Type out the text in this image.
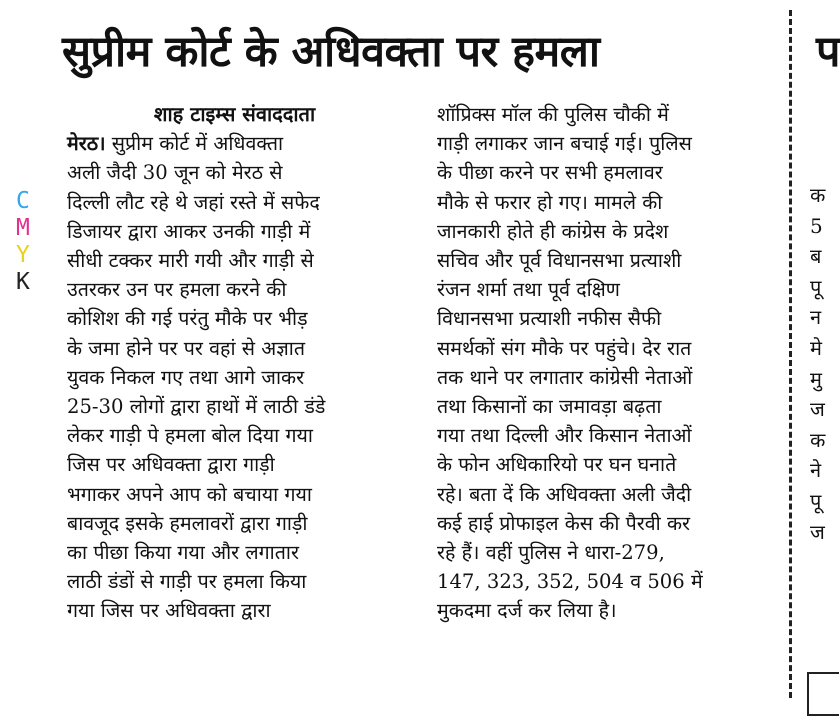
सुप्रीम कोर्ट के अधिवक्ता पर हमला
C
M
Y
K

शाह टाइम्स संवाददाता

मेरठ। सुप्रीम कोर्ट में अधिवक्ता

अली जैदी 30 जून को मेरठ से

दिल्ली लौट रहे थे जहां रस्ते में सफेद

डिजायर द्वारा आकर उनकी गाड़ी में

सीधी टक्कर मारी गयी और गाड़ी से

उतरकर उन पर हमला करने की

कोशिश की गई परंतु मौके पर भीड़

के जमा होने पर पर वहां से अज्ञात

युवक निकल गए तथा आगे जाकर

25-30 लोगों द्वारा हाथों में लाठी डंडे

लेकर गाड़ी पे हमला बोल दिया गया

जिस पर अधिवक्ता द्वारा गाड़ी

भगाकर अपने आप को बचाया गया

बावजूद इसके हमलावरों द्वारा गाड़ी

का पीछा किया गया और लगातार

लाठी डंडों से गाड़ी पर हमला किया

गया जिस पर अधिवक्ता द्वारा

शॉप्रिक्स मॉल की पुलिस चौकी में

गाड़ी लगाकर जान बचाई गई। पुलिस

के पीछा करने पर सभी हमलावर

मौके से फरार हो गए। मामले की

जानकारी होते ही कांग्रेस के प्रदेश

सचिव और पूर्व विधानसभा प्रत्याशी

रंजन शर्मा तथा पूर्व दक्षिण

विधानसभा प्रत्याशी नफीस सैफी

समर्थकों संग मौके पर पहुंचे। देर रात

तक थाने पर लगातार कांग्रेसी नेताओं

तथा किसानों का जमावड़ा बढ़ता

गया तथा दिल्ली और किसान नेताओं

के फोन अधिकारियो पर घन घनाते

रहे। बता दें कि अधिवक्ता अली जैदी

कई हाई प्रोफाइल केस की पैरवी कर

रहे हैं। वहीं पुलिस ने धारा-279,

147, 323, 352, 504 व 506 में

मुकदमा दर्ज कर लिया है।

प

क

5

ब

पू

न

मे

मु

ज

क

ने

पू

ज
